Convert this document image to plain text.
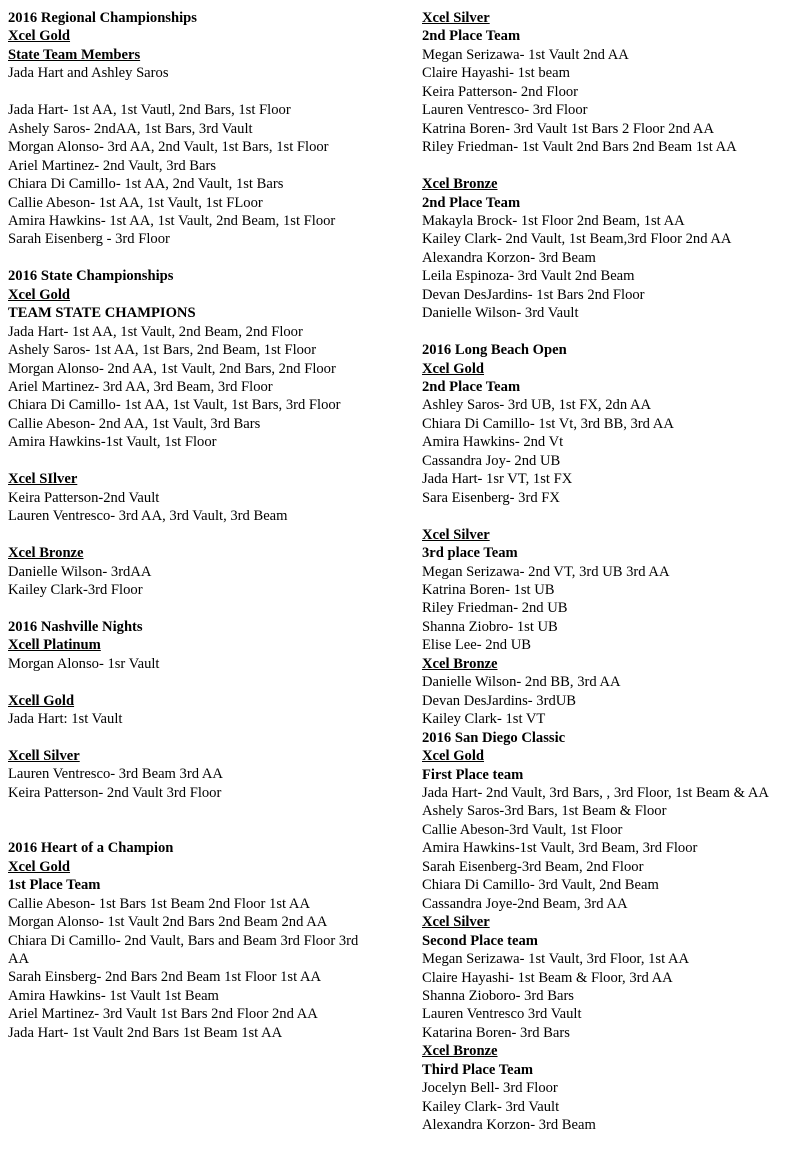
2016 Regional Championships
Xcel Gold
State Team Members
Jada Hart and Ashley Saros
Jada Hart- 1st AA, 1st Vautl, 2nd Bars, 1st Floor
Ashely Saros- 2ndAA, 1st Bars, 3rd Vault
Morgan Alonso- 3rd AA, 2nd Vault, 1st Bars, 1st Floor
Ariel Martinez- 2nd Vault, 3rd Bars
Chiara Di Camillo- 1st AA, 2nd Vault, 1st Bars
Callie Abeson- 1st AA, 1st Vault, 1st FLoor
Amira Hawkins- 1st AA, 1st Vault, 2nd Beam, 1st Floor
Sarah Eisenberg - 3rd Floor
2016 State Championships
Xcel Gold
TEAM STATE CHAMPIONS
Jada Hart- 1st AA, 1st Vault, 2nd Beam, 2nd Floor
Ashely Saros- 1st AA, 1st Bars, 2nd Beam, 1st Floor
Morgan Alonso- 2nd AA, 1st Vault, 2nd Bars, 2nd Floor
Ariel Martinez- 3rd AA, 3rd Beam, 3rd Floor
Chiara Di Camillo- 1st AA, 1st Vault, 1st Bars, 3rd Floor
Callie Abeson- 2nd AA, 1st Vault, 3rd Bars
Amira Hawkins-1st Vault, 1st Floor
Xcel SIlver
Keira Patterson-2nd Vault
Lauren Ventresco- 3rd AA, 3rd Vault, 3rd Beam
Xcel Bronze
Danielle Wilson- 3rdAA
Kailey Clark-3rd Floor
2016 Nashville Nights
Xcell Platinum
Morgan Alonso- 1sr Vault
Xcell Gold
Jada Hart: 1st Vault
Xcell Silver
Lauren Ventresco- 3rd Beam 3rd AA
Keira Patterson- 2nd Vault 3rd Floor
2016 Heart of a Champion
Xcel Gold
1st Place Team
Callie Abeson- 1st Bars 1st Beam 2nd Floor 1st AA
Morgan Alonso- 1st Vault 2nd Bars 2nd Beam 2nd AA
Chiara Di Camillo- 2nd Vault, Bars and Beam 3rd Floor 3rd AA
Sarah Einsberg- 2nd Bars 2nd Beam 1st Floor 1st AA
Amira Hawkins- 1st Vault 1st Beam
Ariel Martinez- 3rd Vault 1st Bars 2nd Floor 2nd AA
Jada Hart- 1st Vault 2nd Bars 1st Beam 1st AA
Xcel Silver
2nd Place Team
Megan Serizawa- 1st Vault 2nd AA
Claire Hayashi- 1st beam
Keira Patterson- 2nd Floor
Lauren Ventresco- 3rd Floor
Katrina Boren- 3rd Vault 1st Bars 2 Floor 2nd AA
Riley Friedman- 1st Vault 2nd Bars 2nd Beam 1st AA
Xcel Bronze
2nd Place Team
Makayla Brock- 1st Floor 2nd Beam, 1st AA
Kailey Clark- 2nd Vault, 1st Beam,3rd Floor 2nd AA
Alexandra Korzon- 3rd Beam
Leila Espinoza- 3rd Vault 2nd Beam
Devan DesJardins- 1st Bars 2nd Floor
Danielle Wilson- 3rd Vault
2016 Long Beach Open
Xcel Gold
2nd Place Team
Ashley Saros- 3rd UB, 1st FX, 2dn AA
Chiara Di Camillo- 1st Vt, 3rd BB, 3rd AA
Amira Hawkins- 2nd Vt
Cassandra Joy- 2nd UB
Jada Hart- 1sr VT, 1st FX
Sara Eisenberg- 3rd FX
Xcel Silver
3rd place Team
Megan Serizawa- 2nd VT, 3rd UB 3rd AA
Katrina Boren- 1st UB
Riley Friedman- 2nd UB
Shanna Ziobro- 1st UB
Elise Lee- 2nd UB
Xcel Bronze
Danielle Wilson- 2nd BB, 3rd AA
Devan DesJardins- 3rdUB
Kailey Clark- 1st VT
2016 San Diego Classic
Xcel Gold
First Place team
Jada Hart- 2nd Vault, 3rd Bars, , 3rd Floor, 1st Beam & AA
Ashely Saros-3rd Bars, 1st Beam & Floor
Callie Abeson-3rd Vault, 1st Floor
Amira Hawkins-1st Vault, 3rd Beam, 3rd Floor
Sarah Eisenberg-3rd Beam, 2nd Floor
Chiara Di Camillo- 3rd Vault, 2nd Beam
Cassandra Joye-2nd Beam, 3rd AA
Xcel Silver
Second Place team
Megan Serizawa- 1st Vault, 3rd Floor, 1st AA
Claire Hayashi- 1st Beam & Floor, 3rd AA
Shanna Zioboro- 3rd Bars
Lauren Ventresco 3rd Vault
Katarina Boren- 3rd Bars
Xcel Bronze
Third Place Team
Jocelyn Bell- 3rd Floor
Kailey Clark- 3rd Vault
Alexandra Korzon- 3rd Beam
